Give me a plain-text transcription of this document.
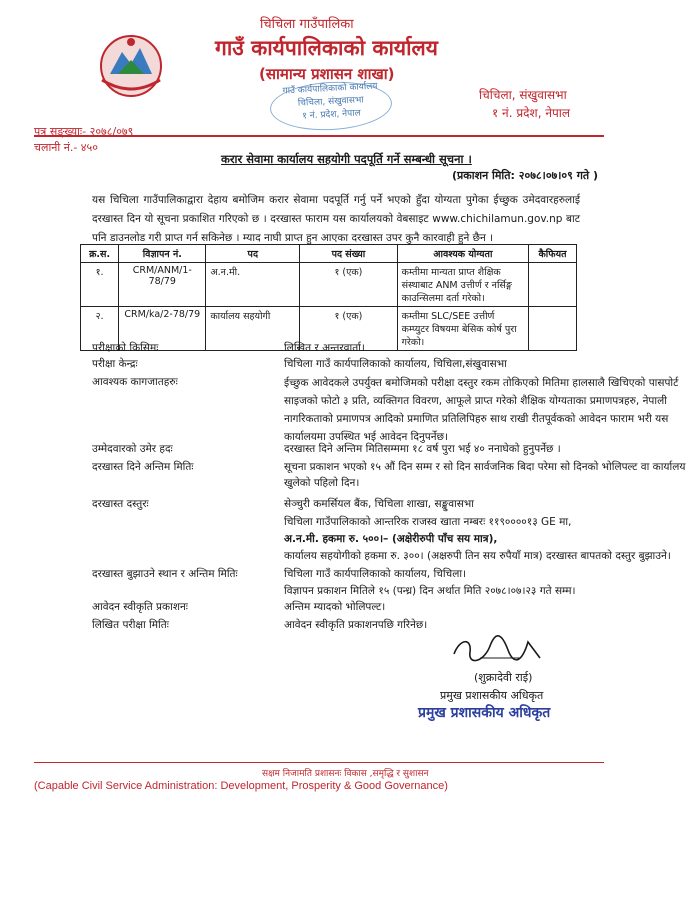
चिचिला गाउँपालिका
गाउँ कार्यपालिकाको कार्यालय
(सामान्य प्रशासन शाखा)
गाउँ कार्यपालिकाको कार्यालय
चिचिला, संखुवासभा
१ नं. प्रदेश, नेपाल
चिचिला, संखुवासभा
१ नं. प्रदेश, नेपाल
पत्र सङ्ख्याः- २०७८/०७९
चलानी नं.- ४५०
करार सेवामा कार्यालय सहयोगी पदपूर्ति गर्ने सम्बन्धी सूचना ।
(प्रकाशन मिति: २०७८।०७।०९ गते )
यस चिचिला गाउँपालिकाद्वारा देहाय बमोजिम करार सेवामा पदपूर्ति गर्नु पर्ने भएको हुँदा योग्यता पुगेका ईच्छुक उमेदवारहरुलाई दरखास्त दिन यो सूचना प्रकाशित गरिएको छ । दरखास्त फाराम यस कार्यालयको वेबसाइट www.chichilamun.gov.np बाट पनि डाउनलोड गरी प्राप्त गर्न सकिनेछ । म्याद नाघी प्राप्त हुन आएका दरखास्त उपर कुनै कारवाही हुने छैन ।
क्र.स.	विज्ञापन नं.	पद	पद संख्या	आवश्यक योग्यता	कैफियत
१.	CRM/ANM/1-78/79	अ.न.मी.	१ (एक)	कम्तीमा मान्यता प्राप्त शैक्षिक संस्थाबाट ANM उत्तीर्ण र नर्सिङ्ग काउन्सिलमा दर्ता गरेको।	
२.	CRM/ka/2-78/79	कार्यालय सहयोगी	१ (एक)	कम्तीमा SLC/SEE उत्तीर्ण कम्प्युटर विषयमा बेसिक कोर्ष पुरा गरेको।	
परीक्षाको किसिमः	लिखित र अन्तरवार्ता।
परीक्षा केन्द्रः	चिचिला गाउँ कार्यपालिकाको कार्यालय, चिचिला,संखुवासभा
आवश्यक कागजातहरुः	ईच्छुक आवेदकले उपर्युक्त बमोजिमको परीक्षा दस्तुर रकम तोकिएको मितिमा हालसालै खिचिएको पासपोर्ट साइजको फोटो ३ प्रति, व्यक्तिगत विवरण, आफूले प्राप्त गरेको शैक्षिक योग्यताका प्रमाणपत्रहरु, नेपाली नागरिकताको प्रमाणपत्र आदिको प्रमाणित प्रतिलिपिहरु साथ राखी रीतपूर्वकको आवेदन फाराम भरी यस कार्यालयमा उपस्थित भई आवेदन दिनुपर्नेछ।
उम्मेदवारको उमेर हदः	दरखास्त दिने अन्तिम मितिसम्ममा १८ वर्ष पुरा भई ४० ननाघेको हुनुपर्नेछ ।
दरखास्त दिने अन्तिम मितिः	सूचना प्रकाशन भएको १५ औं दिन सम्म र सो दिन सार्वजनिक बिदा परेमा सो दिनको भोलिपल्ट वा कार्यालय खुलेको पहिलो दिन।
दरखास्त दस्तुरः	सेञ्चुरी कमर्सियल बैंक, चिचिला शाखा, सङ्खुवासभा
चिचिला गाउँपालिकाको आन्तरिक राजस्व खाता नम्बरः ११९००००१३ GE मा,
अ.न.मी. हकमा रु. ५००।– (अक्षेरीरुपी पाँच सय मात्र),
कार्यालय सहयोगीको हकमा रु. ३००। (अक्षरुपी तिन सय रुपैयाँ मात्र) दरखास्त बापतको दस्तुर बुझाउने।
दरखास्त बुझाउने स्थान र अन्तिम मितिः	चिचिला गाउँ कार्यपालिकाको कार्यालय, चिचिला।
विज्ञापन प्रकाशन मितिले १५ (पन्ध्र) दिन अर्थात मिति २०७८।०७।२३ गते सम्म।
आवेदन स्वीकृति प्रकाशनः	अन्तिम म्यादको भोलिपल्ट।
लिखित परीक्षा मितिः	आवेदन स्वीकृति प्रकाशनपछि गरिनेछ।
(शुक्रादेवी राई)
प्रमुख प्रशासकीय अधिकृत
प्रमुख प्रशासकीय अधिकृत
सक्षम निजामति प्रशासनः विकास ,समृद्धि र सुशासन
(Capable Civil Service Administration: Development, Prosperity & Good Governance)
